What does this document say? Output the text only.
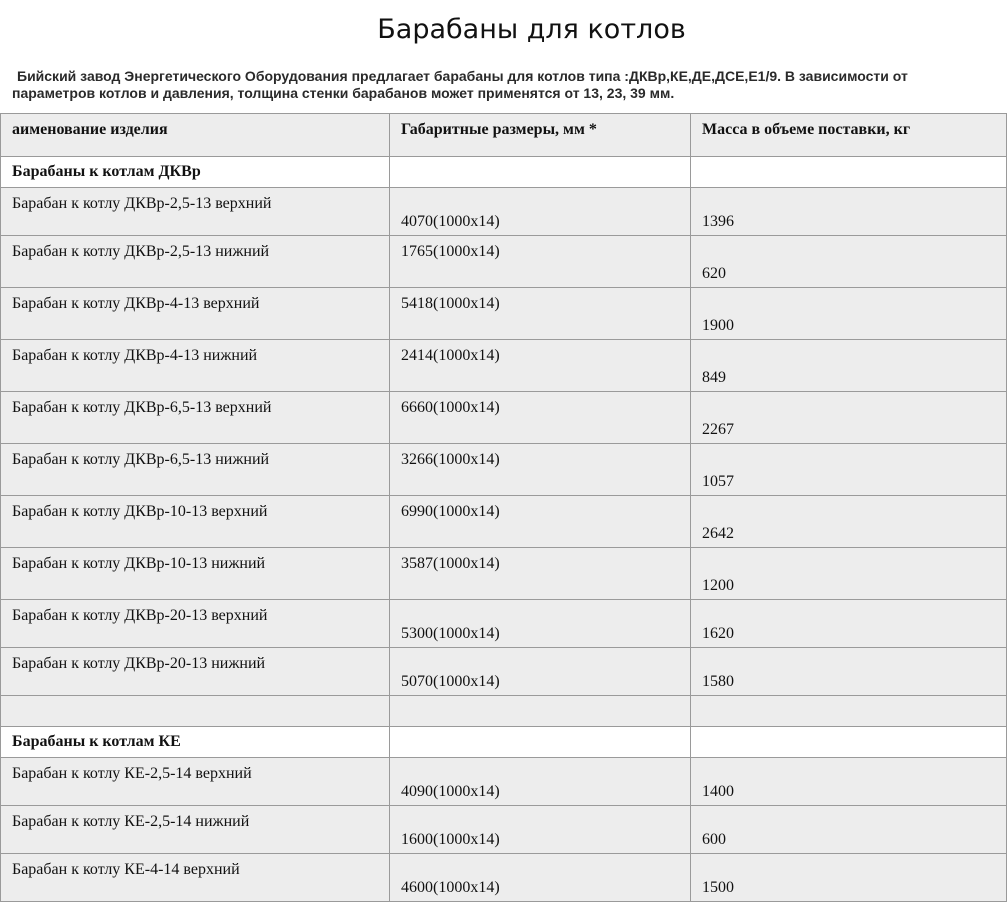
Барабаны для котлов
Бийский завод Энергетического Оборудования предлагает барабаны для котлов типа :ДКВр,КЕ,ДЕ,ДСЕ,Е1/9. В зависимости от
параметров котлов и давления, толщина стенки барабанов может применятся от 13, 23, 39 мм.
аименование изделия	Габаритные размеры, мм *	Масса в объеме поставки, кг
Барабаны к котлам ДКВр		
Барабан к котлу ДКВр-2,5-13 верхний	4070(1000x14)	1396
Барабан к котлу ДКВр-2,5-13 нижний	1765(1000x14)	620
Барабан к котлу ДКВр-4-13 верхний	5418(1000x14)	1900
Барабан к котлу ДКВр-4-13 нижний	2414(1000x14)	849
Барабан к котлу ДКВр-6,5-13 верхний	6660(1000x14)	2267
Барабан к котлу ДКВр-6,5-13 нижний	3266(1000x14)	1057
Барабан к котлу ДКВр-10-13 верхний	6990(1000x14)	2642
Барабан к котлу ДКВр-10-13 нижний	3587(1000x14)	1200
Барабан к котлу ДКВр-20-13 верхний	5300(1000x14)	1620
Барабан к котлу ДКВр-20-13 нижний	5070(1000x14)	1580

Барабаны к котлам КЕ		
Барабан к котлу КЕ-2,5-14 верхний	4090(1000x14)	1400
Барабан к котлу КЕ-2,5-14 нижний	1600(1000x14)	600
Барабан к котлу КЕ-4-14 верхний	4600(1000x14)	1500
